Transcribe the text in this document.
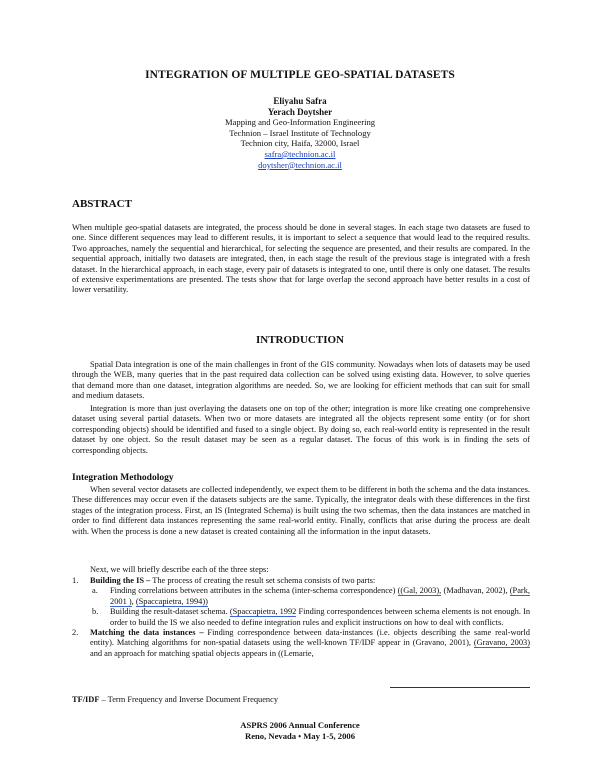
INTEGRATION OF MULTIPLE GEO-SPATIAL DATASETS
Eliyahu Safra
Yerach Doytsher
Mapping and Geo-Information Engineering
Technion – Israel Institute of Technology
Technion city, Haifa, 32000, Israel
safra@technion.ac.il
doytsher@technion.ac.il
ABSTRACT
When multiple geo-spatial datasets are integrated, the process should be done in several stages. In each stage two datasets are fused to one. Since different sequences may lead to different results, it is important to select a sequence that would lead to the required results. Two approaches, namely the sequential and hierarchical, for selecting the sequence are presented, and their results are compared. In the sequential approach, initially two datasets are integrated, then, in each stage the result of the previous stage is integrated with a fresh dataset. In the hierarchical approach, in each stage, every pair of datasets is integrated to one, until there is only one dataset. The results of extensive experimentations are presented. The tests show that for large overlap the second approach have better results in a cost of lower versatility.
INTRODUCTION
Spatial Data integration is one of the main challenges in front of the GIS community. Nowadays when lots of datasets may be used through the WEB, many queries that in the past required data collection can be solved using existing data. However, to solve queries that demand more than one dataset, integration algorithms are needed. So, we are looking for efficient methods that can suit for small and medium datasets.
Integration is more than just overlaying the datasets one on top of the other; integration is more like creating one comprehensive dataset using several partial datasets. When two or more datasets are integrated all the objects represent some entity (or for short corresponding objects) should be identified and fused to a single object. By doing so, each real-world entity is represented in the result dataset by one object. So the result dataset may be seen as a regular dataset. The focus of this work is in finding the sets of corresponding objects.
Integration Methodology
When several vector datasets are collected independently, we expect them to be different in both the schema and the data instances. These differences may occur even if the datasets subjects are the same. Typically, the integrator deals with these differences in the first stages of the integration process. First, an IS (Integrated Schema) is built using the two schemas, then the data instances are matched in order to find different data instances representing the same real-world entity. Finally, conflicts that arise during the process are dealt with. When the process is done a new dataset is created containing all the information in the input datasets.
Next, we will briefly describe each of the three steps:
1. Building the IS – The process of creating the result set schema consists of two parts:
a. Finding correlations between attributes in the schema (inter-schema correspondence) ((Gal, 2003), (Madhavan, 2002), (Park, 2001 ), (Spaccapietra, 1994))
b. Building the result-dataset schema. (Spaccapietra, 1992 Finding correspondences between schema elements is not enough. In order to build the IS we also needed to define integration rules and explicit instructions on how to deal with conflicts.
2. Matching the data instances – Finding correspondence between data-instances (i.e. objects describing the same real-world entity). Matching algorithms for non-spatial datasets using the well-known TF/IDF appear in (Gravano, 2001), (Gravano, 2003) and an approach for matching spatial objects appears in ((Lemarie,
TF/IDF – Term Frequency and Inverse Document Frequency
ASPRS 2006 Annual Conference
Reno, Nevada • May 1-5, 2006
